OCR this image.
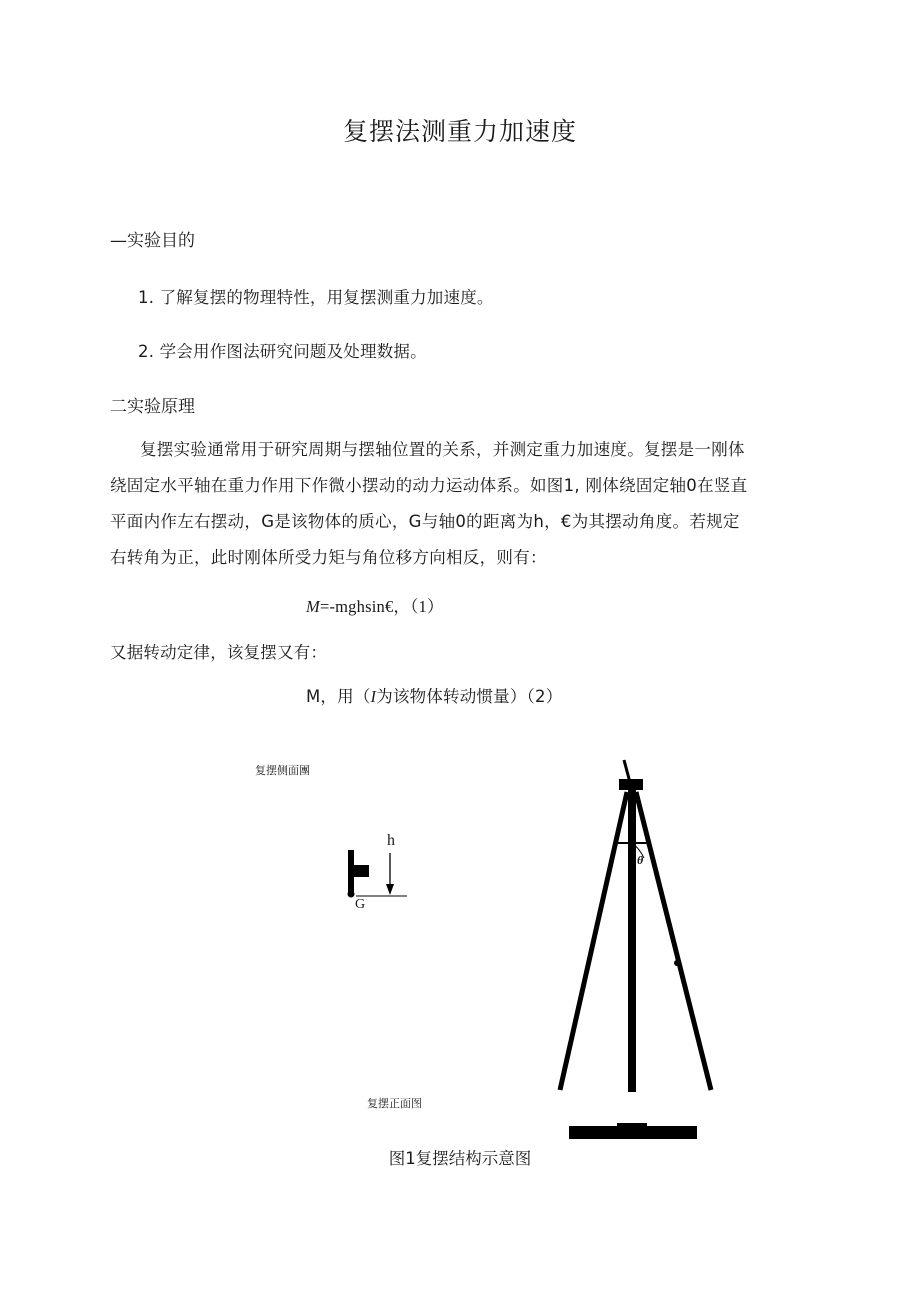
复摆法测重力加速度
—实验目的
1. 了解复摆的物理特性，用复摆测重力加速度。
2. 学会用作图法研究问题及处理数据。
二实验原理
复摆实验通常用于研究周期与摆轴位置的关系，并测定重力加速度。复摆是一刚体
绕固定水平轴在重力作用下作微小摆动的动力运动体系。如图1, 刚体绕固定轴0在竖直
平面内作左右摆动，G是该物体的质心，G与轴0的距离为h，€为其摆动角度。若规定
右转角为正，此时刚体所受力矩与角位移方向相反，则有：
M=-mghsin€，（1）
又据转动定律，该复摆又有：
M，用（I为该物体转动惯量）（2）
复摆侧面團
h
G
θ
复摆正面图
图1复摆结构示意图
